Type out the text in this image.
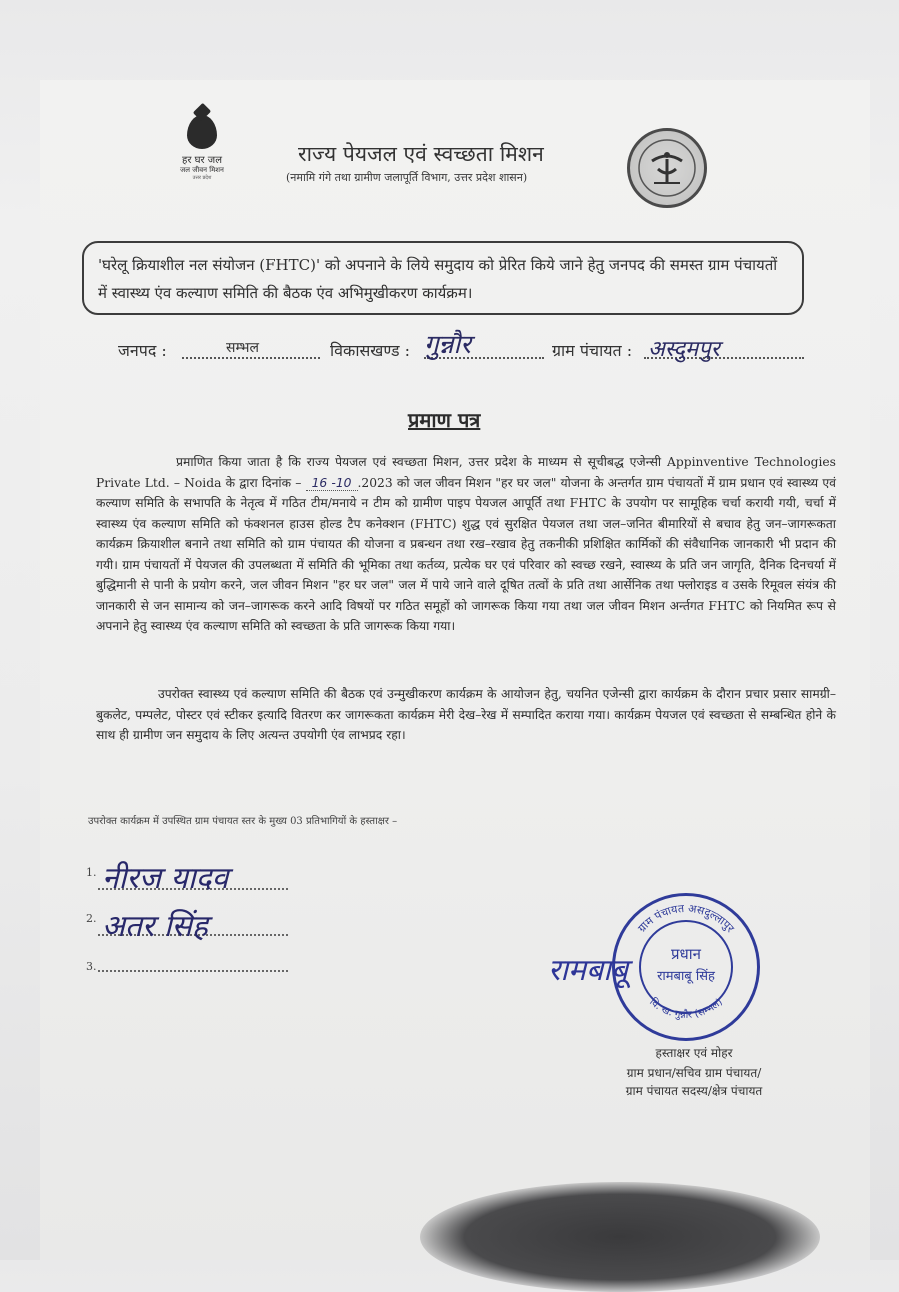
हर घर जल
जल जीवन मिशन
उत्तर प्रदेश
राज्य पेयजल एवं स्वच्छता मिशन
(नमामि गंगे तथा ग्रामीण जलापूर्ति विभाग, उत्तर प्रदेश शासन)
'घरेलू क्रियाशील नल संयोजन (FHTC)' को अपनाने के लिये समुदाय को प्रेरित किये जाने हेतु जनपद की समस्त ग्राम पंचायतों में स्वास्थ्य एंव कल्याण समिति की बैठक एंव अभिमुखीकरण कार्यक्रम।
जनपद :	सम्भल	विकासखण्ड : गुन्नौर	ग्राम पंचायत : अस्दुमपुर
प्रमाण पत्र
प्रमाणित किया जाता है कि राज्य पेयजल एवं स्वच्छता मिशन, उत्तर प्रदेश के माध्यम से सूचीबद्ध एजेन्सी Appinventive Technologies Private Ltd. – Noida के द्वारा दिनांक – 16 -10 .2023 को जल जीवन मिशन "हर घर जल" योजना के अन्तर्गत ग्राम पंचायतों में ग्राम प्रधान एवं स्वास्थ्य एवं कल्याण समिति के सभापति के नेतृत्व में गठित टीम/मनाये न टीम को ग्रामीण पाइप पेयजल आपूर्ति तथा FHTC के उपयोग पर सामूहिक चर्चा करायी गयी, चर्चा में स्वास्थ्य एंव कल्याण समिति को फंक्शनल हाउस होल्ड टैप कनेक्शन (FHTC) शुद्ध एवं सुरक्षित पेयजल तथा जल–जनित बीमारियों से बचाव हेतु जन–जागरूकता कार्यक्रम क्रियाशील बनाने तथा समिति को ग्राम पंचायत की योजना व प्रबन्धन तथा रख–रखाव हेतु तकनीकी प्रशिक्षित कार्मिकों की संवैधानिक जानकारी भी प्रदान की गयी। ग्राम पंचायतों में पेयजल की उपलब्धता में समिति की भूमिका तथा कर्तव्य, प्रत्येक घर एवं परिवार को स्वच्छ रखने, स्वास्थ्य के प्रति जन जागृति, दैनिक दिनचर्या में बुद्धिमानी से पानी के प्रयोग करने, जल जीवन मिशन "हर घर जल" जल में पाये जाने वाले दूषित तत्वों के प्रति तथा आर्सेनिक तथा फ्लोराइड व उसके रिमूवल संयंत्र की जानकारी से जन सामान्य को जन–जागरूक करने आदि विषयों पर गठित समूहों को जागरूक किया गया तथा जल जीवन मिशन अर्न्तगत FHTC को नियमित रूप से अपनाने हेतु स्वास्थ्य एंव कल्याण समिति को स्वच्छता के प्रति जागरूक किया गया।
उपरोक्त स्वास्थ्य एवं कल्याण समिति की बैठक एवं उन्मुखीकरण कार्यक्रम के आयोजन हेतु, चयनित एजेन्सी द्वारा कार्यक्रम के दौरान प्रचार प्रसार सामग्री–बुकलेट, पम्पलेट, पोस्टर एवं स्टीकर इत्यादि वितरण कर जागरूकता कार्यक्रम मेरी देख–रेख में सम्पादित कराया गया। कार्यक्रम पेयजल एवं स्वच्छता से सम्बन्धित होने के साथ ही ग्रामीण जन समुदाय के लिए अत्यन्त उपयोगी एंव लाभप्रद रहा।
उपरोक्त कार्यक्रम में उपस्थित ग्राम पंचायत स्तर के मुख्य 03 प्रतिभागियों के हस्ताक्षर –
1. नीरज यादव
2. अतर सिंह
3.
ग्राम पंचायत असदुल्लापुर
वि. ख. गुन्नौर (सम्भल)
प्रधान
रामबाबू सिंह
रामबाबू
हस्ताक्षर एवं मोहर
ग्राम प्रधान/सचिव ग्राम पंचायत/
ग्राम पंचायत सदस्य/क्षेत्र पंचायत
